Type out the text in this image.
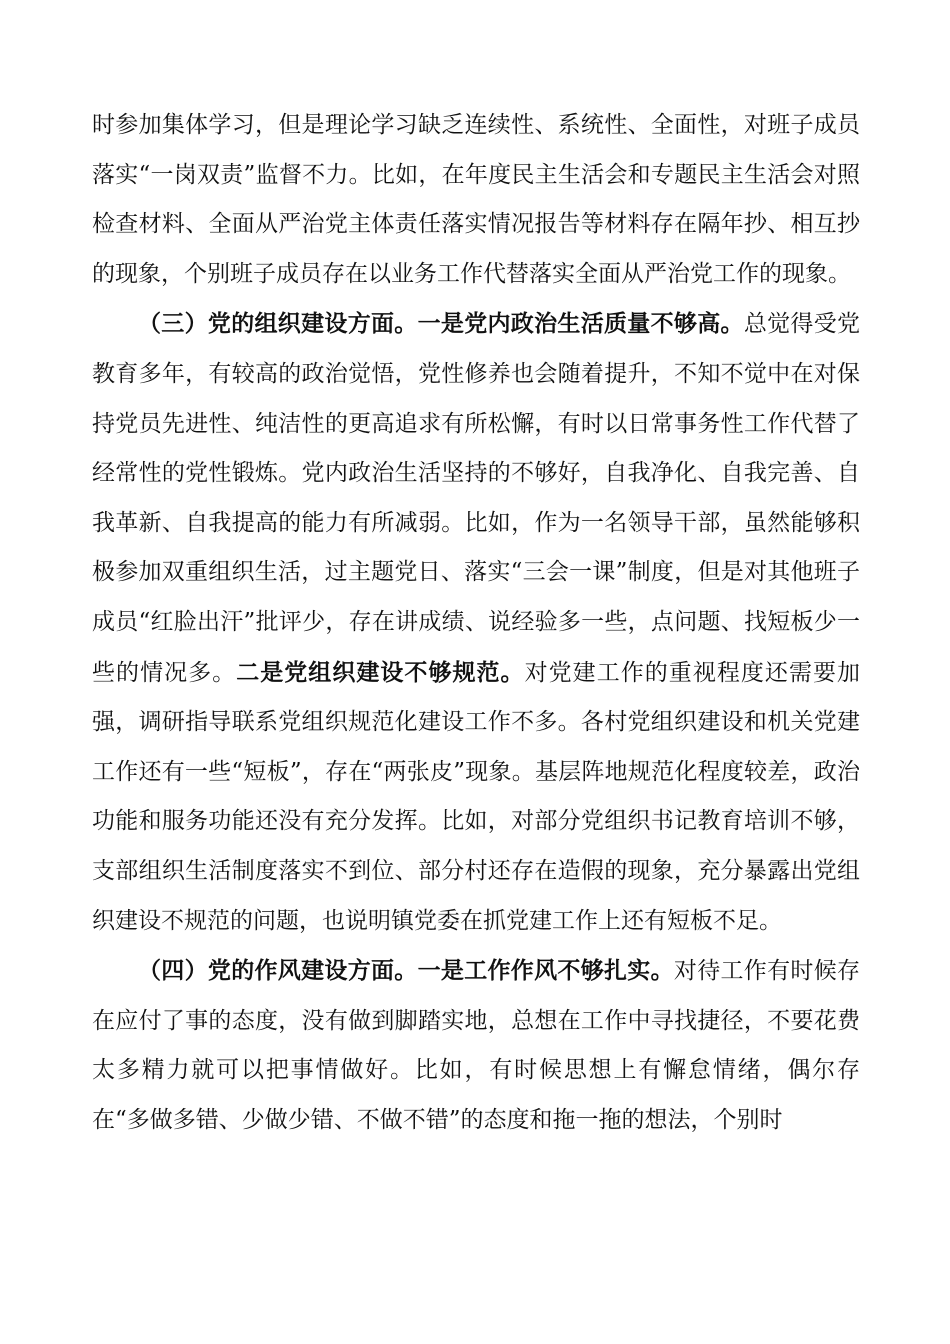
时参加集体学习，但是理论学习缺乏连续性、系统性、全面性，对班子成员落实“一岗双责”监督不力。比如，在年度民主生活会和专题民主生活会对照检查材料、全面从严治党主体责任落实情况报告等材料存在隔年抄、相互抄的现象，个别班子成员存在以业务工作代替落实全面从严治党工作的现象。

（三）党的组织建设方面。一是党内政治生活质量不够高。总觉得受党教育多年，有较高的政治觉悟，党性修养也会随着提升，不知不觉中在对保持党员先进性、纯洁性的更高追求有所松懈，有时以日常事务性工作代替了经常性的党性锻炼。党内政治生活坚持的不够好，自我净化、自我完善、自我革新、自我提高的能力有所减弱。比如，作为一名领导干部，虽然能够积极参加双重组织生活，过主题党日、落实“三会一课”制度，但是对其他班子成员“红脸出汗”批评少，存在讲成绩、说经验多一些，点问题、找短板少一些的情况多。二是党组织建设不够规范。对党建工作的重视程度还需要加强，调研指导联系党组织规范化建设工作不多。各村党组织建设和机关党建工作还有一些“短板”，存在“两张皮”现象。基层阵地规范化程度较差，政治功能和服务功能还没有充分发挥。比如，对部分党组织书记教育培训不够，支部组织生活制度落实不到位、部分村还存在造假的现象，充分暴露出党组织建设不规范的问题，也说明镇党委在抓党建工作上还有短板不足。

（四）党的作风建设方面。一是工作作风不够扎实。对待工作有时候存在应付了事的态度，没有做到脚踏实地，总想在工作中寻找捷径，不要花费太多精力就可以把事情做好。比如，有时候思想上有懈怠情绪，偶尔存在“多做多错、少做少错、不做不错”的态度和拖一拖的想法，个别时
